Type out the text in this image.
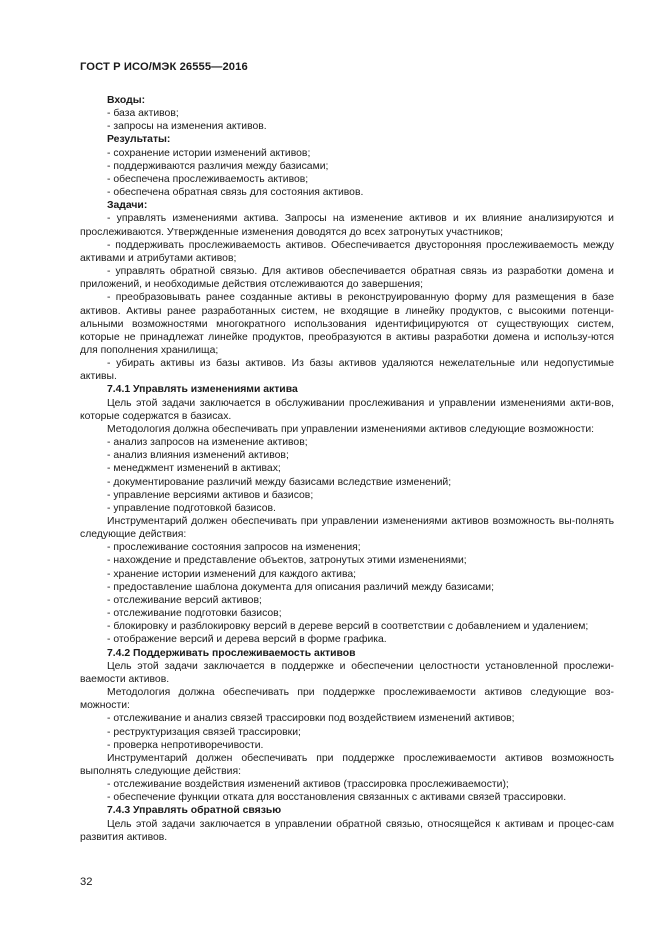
ГОСТ Р ИСО/МЭК 26555—2016

Входы:

- база активов;

- запросы на изменения активов.

Результаты:

- сохранение истории изменений активов;

- поддерживаются различия между базисами;

- обеспечена прослеживаемость активов;

- обеспечена обратная связь для состояния активов.

Задачи:

- управлять изменениями актива. Запросы на изменение активов и их влияние анализируются и прослеживаются. Утвержденные изменения доводятся до всех затронутых участников;

- поддерживать прослеживаемость активов. Обеспечивается двусторонняя прослеживаемость между активами и атрибутами активов;

- управлять обратной связью. Для активов обеспечивается обратная связь из разработки домена и приложений, и необходимые действия отслеживаются до завершения;

- преобразовывать ранее созданные активы в реконструированную форму для размещения в базе активов. Активы ранее разработанных систем, не входящие в линейку продуктов, с высокими потенци-альными возможностями многократного использования идентифицируются от существующих систем, которые не принадлежат линейке продуктов, преобразуются в активы разработки домена и использу-ются для пополнения хранилища;

- убирать активы из базы активов. Из базы активов удаляются нежелательные или недопустимые активы.

7.4.1 Управлять изменениями актива

Цель этой задачи заключается в обслуживании прослеживания и управлении изменениями акти-вов, которые содержатся в базисах.

Методология должна обеспечивать при управлении изменениями активов следующие возможности:

- анализ запросов на изменение активов;

- анализ влияния изменений активов;

- менеджмент изменений в активах;

- документирование различий между базисами вследствие изменений;

- управление версиями активов и базисов;

- управление подготовкой базисов.

Инструментарий должен обеспечивать при управлении изменениями активов возможность вы-полнять следующие действия:

- прослеживание состояния запросов на изменения;

- нахождение и представление объектов, затронутых этими изменениями;

- хранение истории изменений для каждого актива;

- предоставление шаблона документа для описания различий между базисами;

- отслеживание версий активов;

- отслеживание подготовки базисов;

- блокировку и разблокировку версий в дереве версий в соответствии с добавлением и удалением;

- отображение версий и дерева версий в форме графика.

7.4.2 Поддерживать прослеживаемость активов

Цель этой задачи заключается в поддержке и обеспечении целостности установленной прослежи-ваемости активов.

Методология должна обеспечивать при поддержке прослеживаемости активов следующие воз-можности:

- отслеживание и анализ связей трассировки под воздействием изменений активов;

- реструктуризация связей трассировки;

- проверка непротиворечивости.

Инструментарий должен обеспечивать при поддержке прослеживаемости активов возможность выполнять следующие действия:

- отслеживание воздействия изменений активов (трассировка прослеживаемости);

- обеспечение функции отката для восстановления связанных с активами связей трассировки.

7.4.3 Управлять обратной связью

Цель этой задачи заключается в управлении обратной связью, относящейся к активам и процес-сам развития активов.

32
